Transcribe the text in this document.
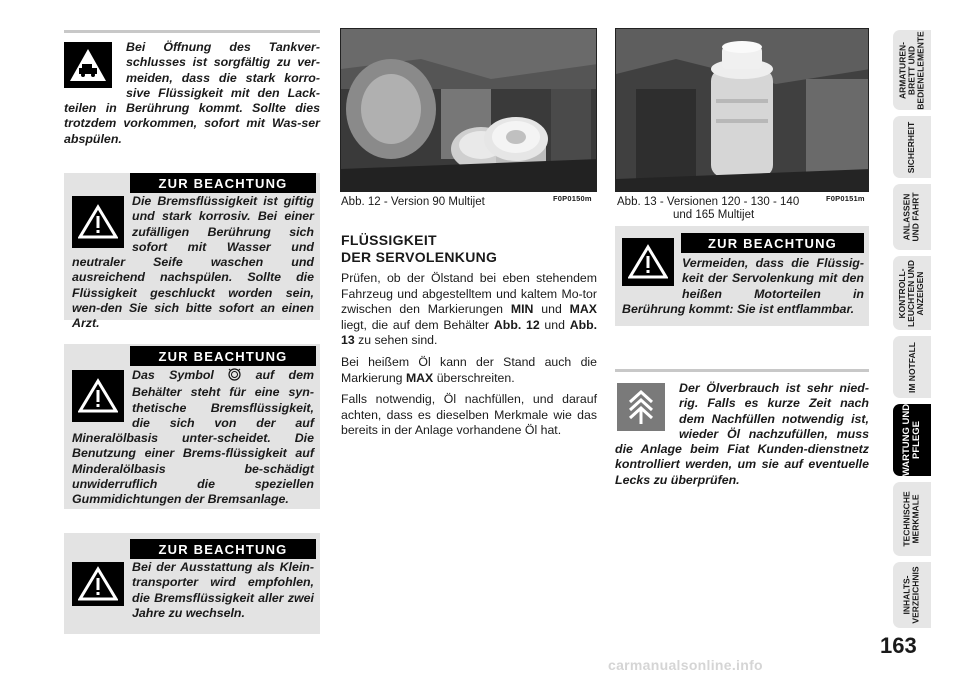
Bei Öffnung des Tankver-schlusses ist sorgfältig zu ver-meiden, dass die stark korro-sive Flüssigkeit mit den Lack-teilen in Berührung kommt. Sollte dies trotzdem vorkommen, sofort mit Was-ser abspülen.

ZUR BEACHTUNG

Die Bremsflüssigkeit ist giftig und stark korrosiv. Bei einer zufälligen Berührung sich sofort mit Wasser und neutraler Seife waschen und ausreichend nachspülen. Sollte die Flüssigkeit geschluckt worden sein, wen-den Sie sich bitte sofort an einen Arzt.

ZUR BEACHTUNG

Das Symbol	auf dem Behälter steht für eine syn-thetische Bremsflüssigkeit, die sich von der auf Mineralölbasis unter-scheidet. Die Benutzung einer Brems-flüssigkeit auf Minderalölbasis be-schädigt unwiderruflich die speziellen Gummidichtungen der Bremsanlage.

ZUR BEACHTUNG

Bei der Ausstattung als Klein-transporter wird empfohlen, die Bremsflüssigkeit aller zwei Jahre zu wechseln.

Abb. 12 - Version 90 Multijet	F0P0150m
FLÜSSIGKEIT
DER SERVOLENKUNG

Prüfen, ob der Ölstand bei eben stehendem Fahrzeug und abgestelltem und kaltem Mo-tor zwischen den Markierungen MIN und MAX liegt, die auf dem Behälter Abb. 12 und Abb. 13 zu sehen sind.

Bei heißem Öl kann der Stand auch die Markierung MAX überschreiten.

Falls notwendig, Öl nachfüllen, und darauf achten, dass es dieselben Merkmale wie das bereits in der Anlage vorhandene Öl hat.

Abb. 13 - Versionen 120 - 130 - 140
und 165 Multijet
F0P0151m
ZUR BEACHTUNG

Vermeiden, dass die Flüssig-keit der Servolenkung mit den heißen Motorteilen in Berührung kommt: Sie ist entflammbar.

Der Ölverbrauch ist sehr nied-rig. Falls es kurze Zeit nach dem Nachfüllen notwendig ist, wieder Öl nachzufüllen, muss die Anlage beim Fiat Kunden-dienstnetz kontrolliert werden, um sie auf eventuelle Lecks zu überprüfen.

ARMATUREN-
BRETT UND
BEDIENELEMENTE
SICHERHEIT
ANLASSEN
UND FAHRT
KONTROLL-
LEUCHTEN UND
ANZEIGEN
IM NOTFALL
WARTUNG UND
PFLEGE
TECHNISCHE
MERKMALE
INHALTS-
VERZEICHNIS
163
carmanualsonline.info
